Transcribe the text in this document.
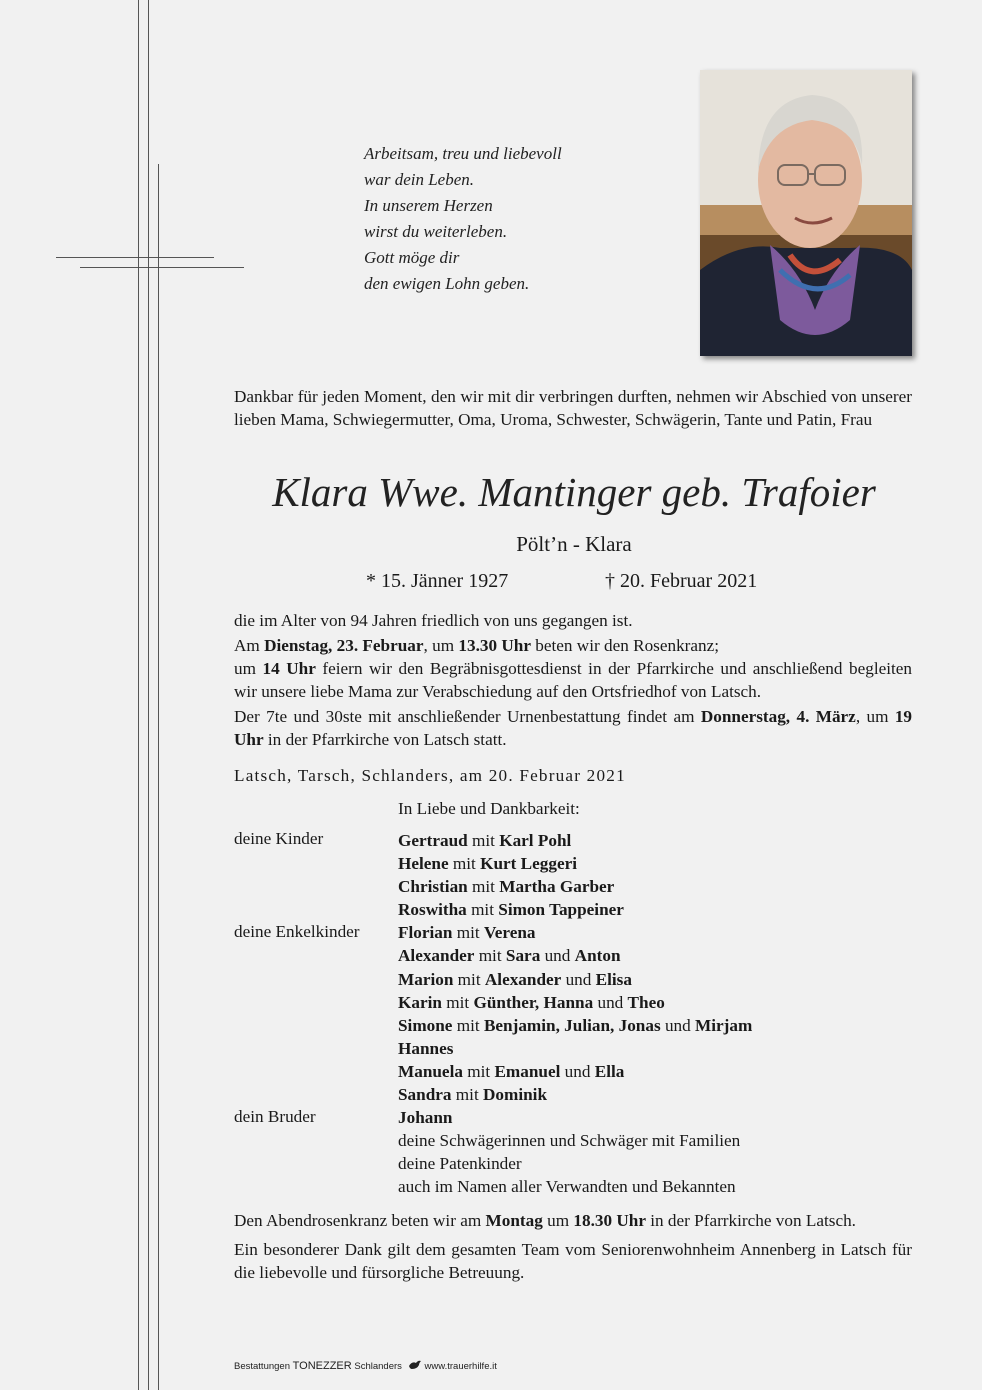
Arbeitsam, treu und liebevoll
war dein Leben.
In unserem Herzen
wirst du weiterleben.
Gott möge dir
den ewigen Lohn geben.
Dankbar für jeden Moment, den wir mit dir verbringen durften, nehmen wir Abschied von unserer lieben Mama, Schwiegermutter, Oma, Uroma, Schwester, Schwägerin, Tante und Patin, Frau
Klara Wwe. Mantinger geb. Trafoier
Pölt’n - Klara
* 15. Jänner 1927	† 20. Februar 2021
die im Alter von 94 Jahren friedlich von uns gegangen ist.
Am Dienstag, 23. Februar, um 13.30 Uhr beten wir den Rosenkranz;
um 14 Uhr feiern wir den Begräbnisgottesdienst in der Pfarrkirche und anschließend begleiten wir unsere liebe Mama zur Verabschiedung auf den Ortsfriedhof von Latsch.
Der 7te und 30ste mit anschließender Urnenbestattung findet am Donnerstag, 4. März, um 19 Uhr in der Pfarrkirche von Latsch statt.
Latsch, Tarsch, Schlanders, am 20. Februar 2021
In Liebe und Dankbarkeit:
deine Kinder
deine Enkelkinder
dein Bruder
Gertraud mit Karl Pohl
Helene mit Kurt Leggeri
Christian mit Martha Garber
Roswitha mit Simon Tappeiner
Florian mit Verena
Alexander mit Sara und Anton
Marion mit Alexander und Elisa
Karin mit Günther, Hanna und Theo
Simone mit Benjamin, Julian, Jonas und Mirjam
Hannes
Manuela mit Emanuel und Ella
Sandra mit Dominik
Johann
deine Schwägerinnen und Schwäger mit Familien
deine Patenkinder
auch im Namen aller Verwandten und Bekannten
Den Abendrosenkranz beten wir am Montag um 18.30 Uhr in der Pfarrkirche von Latsch.
Ein besonderer Dank gilt dem gesamten Team vom Seniorenwohnheim Annenberg in Latsch für die liebevolle und fürsorgliche Betreuung.
Bestattungen TONEZZER Schlanders www.trauerhilfe.it
